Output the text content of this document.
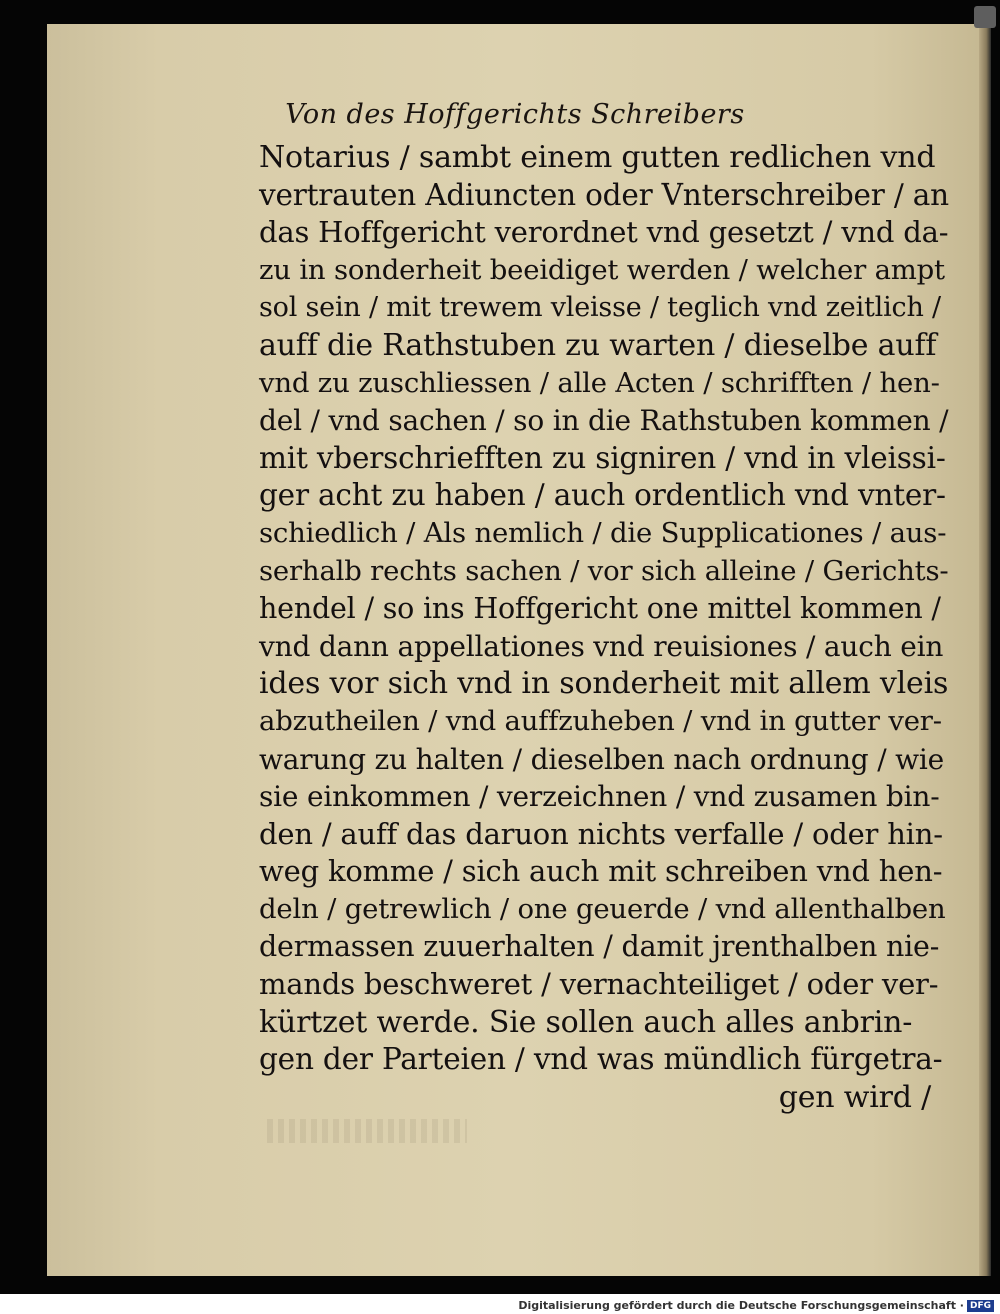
Von des Hoffgerichts Schreibers
Notarius / sambt einem gutten redlichen vnd
vertrauten Adiuncten oder Vnterschreiber / an
das Hoffgericht verordnet vnd gesetzt / vnd da-
zu in sonderheit beeidiget werden / welcher ampt
sol sein / mit trewem vleisse / teglich vnd zeitlich /
auff die Rathstuben zu warten / dieselbe auff
vnd zu zuschliessen / alle Acten / schrifften / hen-
del / vnd sachen / so in die Rathstuben kommen /
mit vberschriefften zu signiren / vnd in vleissi-
ger acht zu haben / auch ordentlich vnd vnter-
schiedlich / Als nemlich / die Supplicationes / aus-
serhalb rechts sachen / vor sich alleine / Gerichts-
hendel / so ins Hoffgericht one mittel kommen /
vnd dann appellationes vnd reuisiones / auch ein
ides vor sich vnd in sonderheit mit allem vleis
abzutheilen / vnd auffzuheben / vnd in gutter ver-
warung zu halten / dieselben nach ordnung / wie
sie einkommen / verzeichnen / vnd zusamen bin-
den / auff das daruon nichts verfalle / oder hin-
weg komme / sich auch mit schreiben vnd hen-
deln / getrewlich / one geuerde / vnd allenthalben
dermassen zuuerhalten / damit jrenthalben nie-
mands beschweret / vernachteiliget / oder ver-
kürtzet werde. Sie sollen auch alles anbrin-
gen der Parteien / vnd was mündlich fürgetra-
gen wird /
Digitalisierung gefördert durch die Deutsche Forschungsgemeinschaft · DFG
